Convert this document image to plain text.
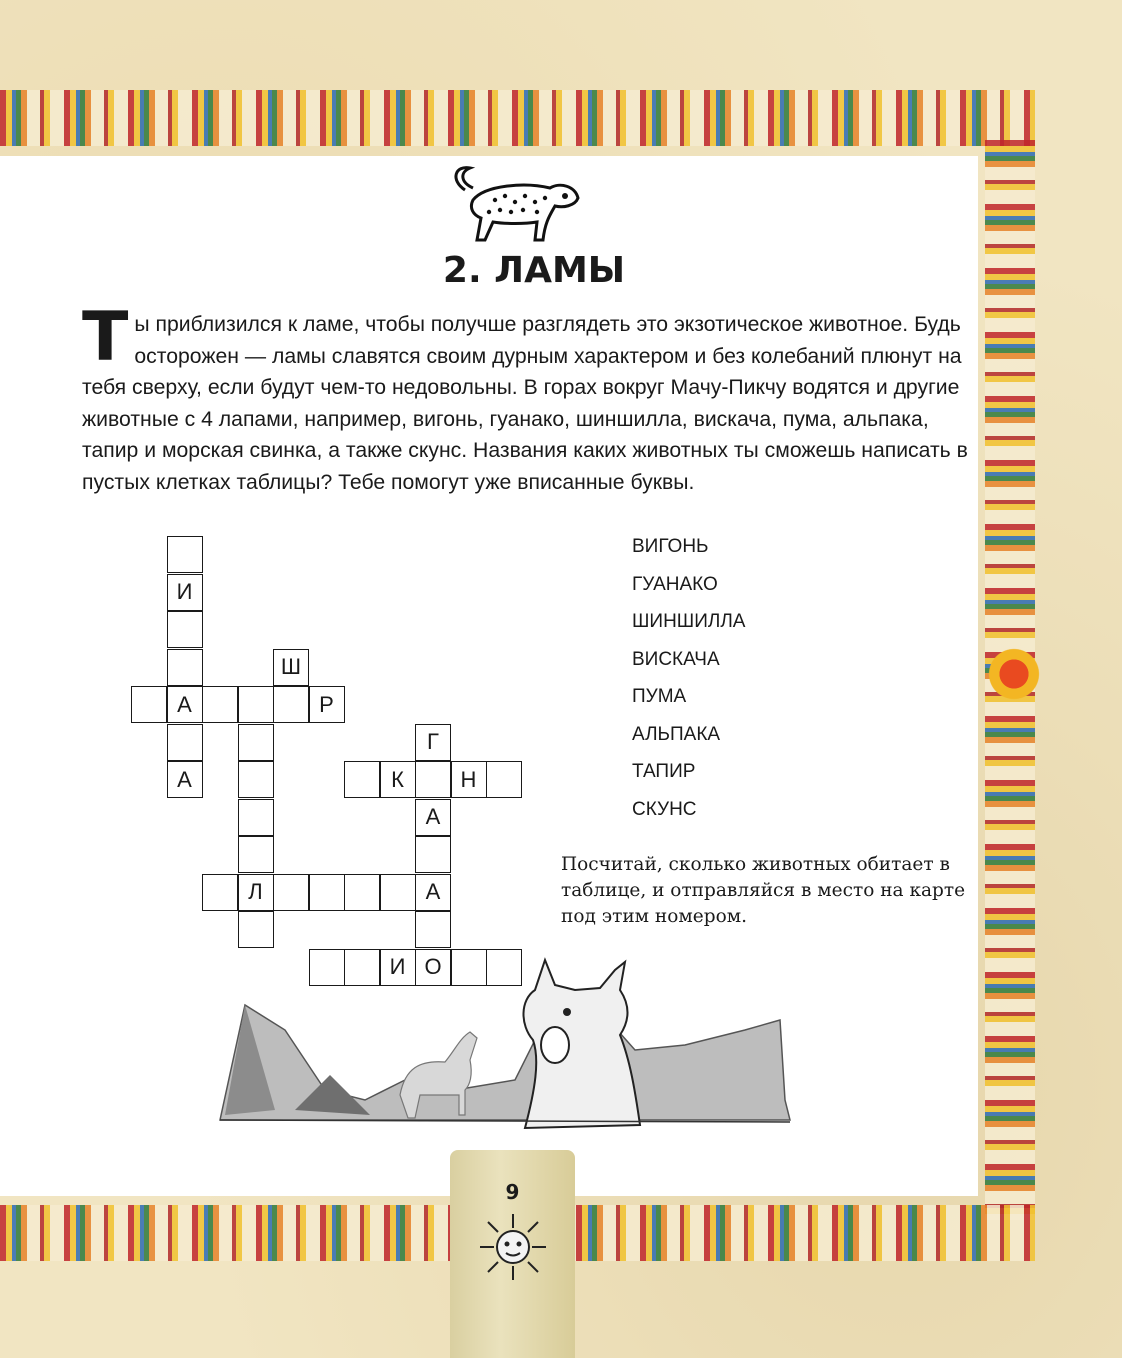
2. ЛАМЫ
Ты приблизился к ламе, чтобы получше разглядеть это экзотическое животное. Будь осторожен — ламы славятся своим дурным характером и без колебаний плюнут на тебя сверху, если будут чем-то недовольны. В горах вокруг Мачу-Пикчу водятся и другие животные с 4 лапами, например, вигонь, гуанако, шиншилла, вискача, пума, альпака, тапир и морская свинка, а также скунс. Названия каких животных ты сможешь написать в пустых клетках таблицы? Тебе помогут уже вписанные буквы.
И
Ш
А	Р
Г
А	К	Н
А
Л	А
И О
ВИГОНЬ
ГУАНАКО
ШИНШИЛЛА
ВИСКАЧА
ПУМА
АЛЬПАКА
ТАПИР
СКУНС
Посчитай, сколько животных обитает в таблице, и отправляйся в место на карте под этим номером.
9
